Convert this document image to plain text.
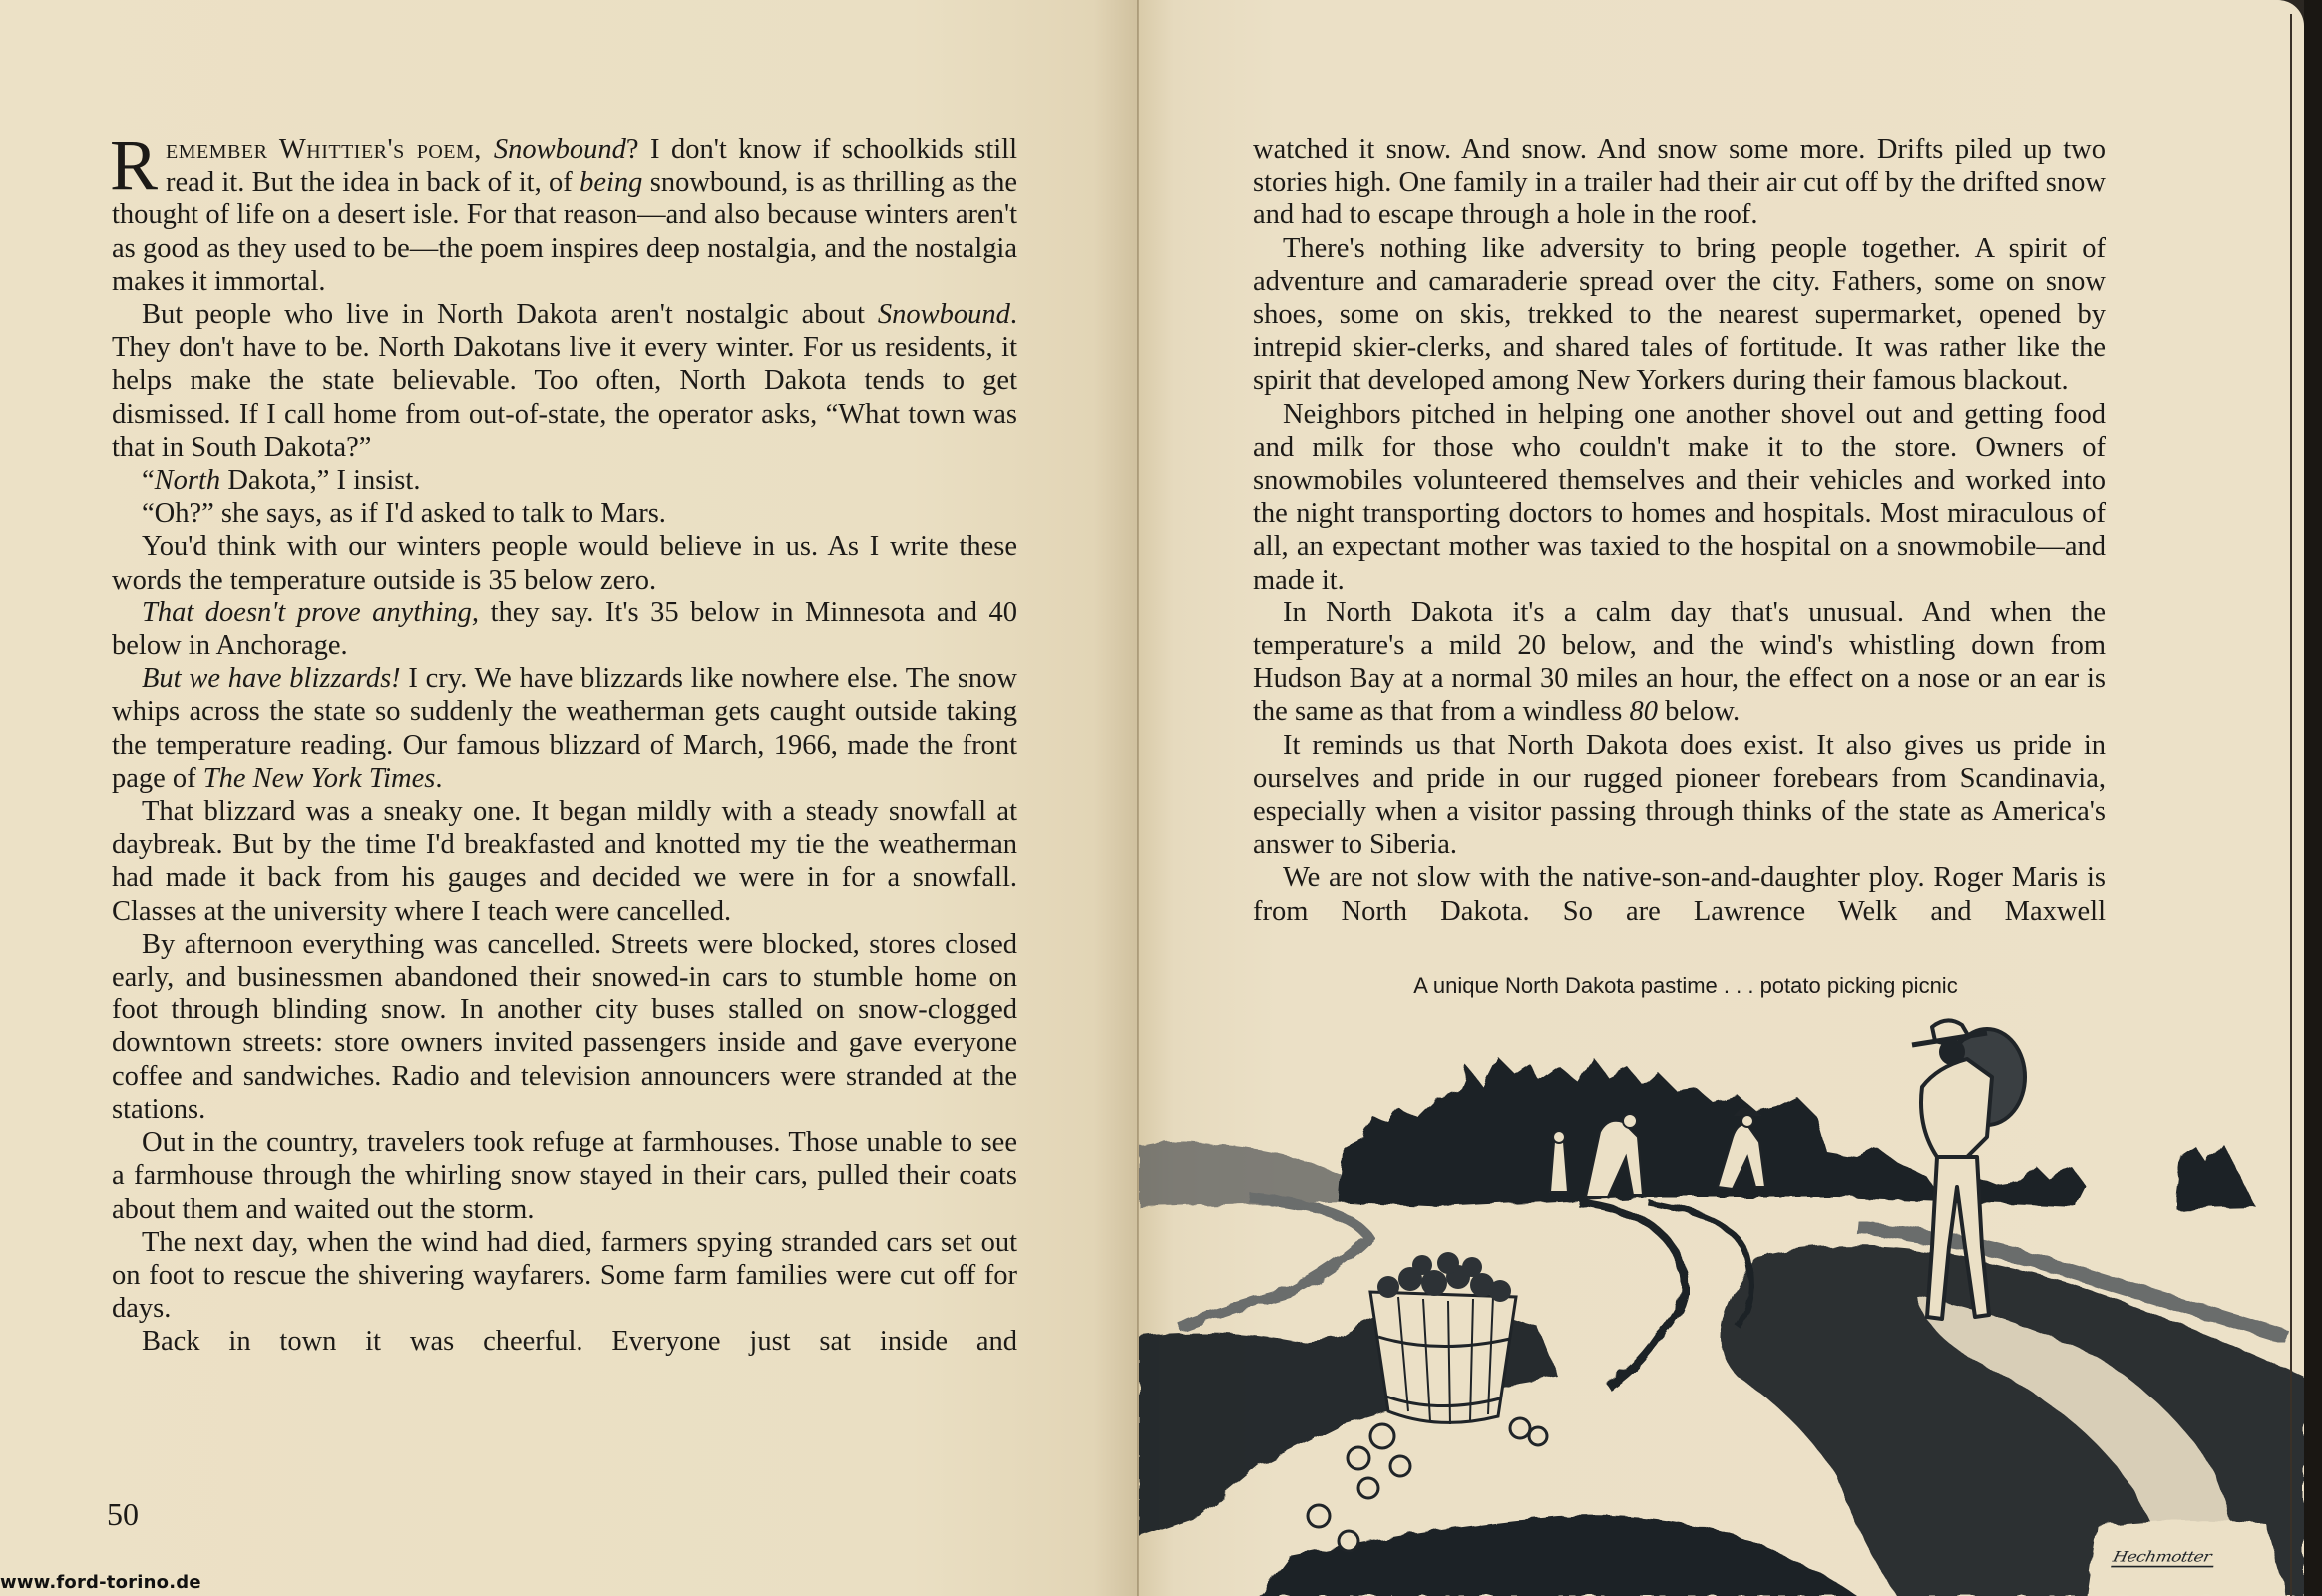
Remember Whittier's poem, Snowbound? I don't know if schoolkids still read it. But the idea in back of it, of being snowbound, is as thrilling as the thought of life on a desert isle. For that reason—and also because winters aren't as good as they used to be—the poem inspires deep nostalgia, and the nostalgia makes it immortal.

But people who live in North Dakota aren't nostalgic about Snowbound. They don't have to be. North Dakotans live it every winter. For us residents, it helps make the state believable. Too often, North Dakota tends to get dismissed. If I call home from out-of-state, the operator asks, “What town was that in South Dakota?”

“North Dakota,” I insist.

“Oh?” she says, as if I'd asked to talk to Mars.

You'd think with our winters people would believe in us. As I write these words the temperature outside is 35 below zero.

That doesn't prove anything, they say. It's 35 below in Minnesota and 40 below in Anchorage.

But we have blizzards! I cry. We have blizzards like nowhere else. The snow whips across the state so suddenly the weatherman gets caught outside taking the temperature reading. Our famous blizzard of March, 1966, made the front page of The New York Times.

That blizzard was a sneaky one. It began mildly with a steady snowfall at daybreak. But by the time I'd breakfasted and knotted my tie the weatherman had made it back from his gauges and decided we were in for a snowfall. Classes at the university where I teach were cancelled.

By afternoon everything was cancelled. Streets were blocked, stores closed early, and businessmen abandoned their snowed-in cars to stumble home on foot through blinding snow. In another city buses stalled on snow-clogged downtown streets: store owners invited passengers inside and gave everyone coffee and sandwiches. Radio and television announcers were stranded at the stations.

Out in the country, travelers took refuge at farmhouses. Those unable to see a farmhouse through the whirling snow stayed in their cars, pulled their coats about them and waited out the storm.

The next day, when the wind had died, farmers spying stranded cars set out on foot to rescue the shivering wayfarers. Some farm families were cut off for days.

Back in town it was cheerful. Everyone just sat inside and

50

watched it snow. And snow. And snow some more. Drifts piled up two stories high. One family in a trailer had their air cut off by the drifted snow and had to escape through a hole in the roof.

There's nothing like adversity to bring people together. A spirit of adventure and camaraderie spread over the city. Fathers, some on snow shoes, some on skis, trekked to the nearest supermarket, opened by intrepid skier-clerks, and shared tales of fortitude. It was rather like the spirit that developed among New Yorkers during their famous blackout.

Neighbors pitched in helping one another shovel out and getting food and milk for those who couldn't make it to the store. Owners of snowmobiles volunteered themselves and their vehicles and worked into the night transporting doctors to homes and hospitals. Most miraculous of all, an expectant mother was taxied to the hospital on a snowmobile—and made it.

In North Dakota it's a calm day that's unusual. And when the temperature's a mild 20 below, and the wind's whistling down from Hudson Bay at a normal 30 miles an hour, the effect on a nose or an ear is the same as that from a windless 80 below.

It reminds us that North Dakota does exist. It also gives us pride in ourselves and pride in our rugged pioneer forebears from Scandinavia, especially when a visitor passing through thinks of the state as America's answer to Siberia.

We are not slow with the native-son-and-daughter ploy. Roger Maris is from North Dakota. So are Lawrence Welk and Maxwell

A unique North Dakota pastime . . . potato picking picnic
Hechmotter
www.ford-torino.de
